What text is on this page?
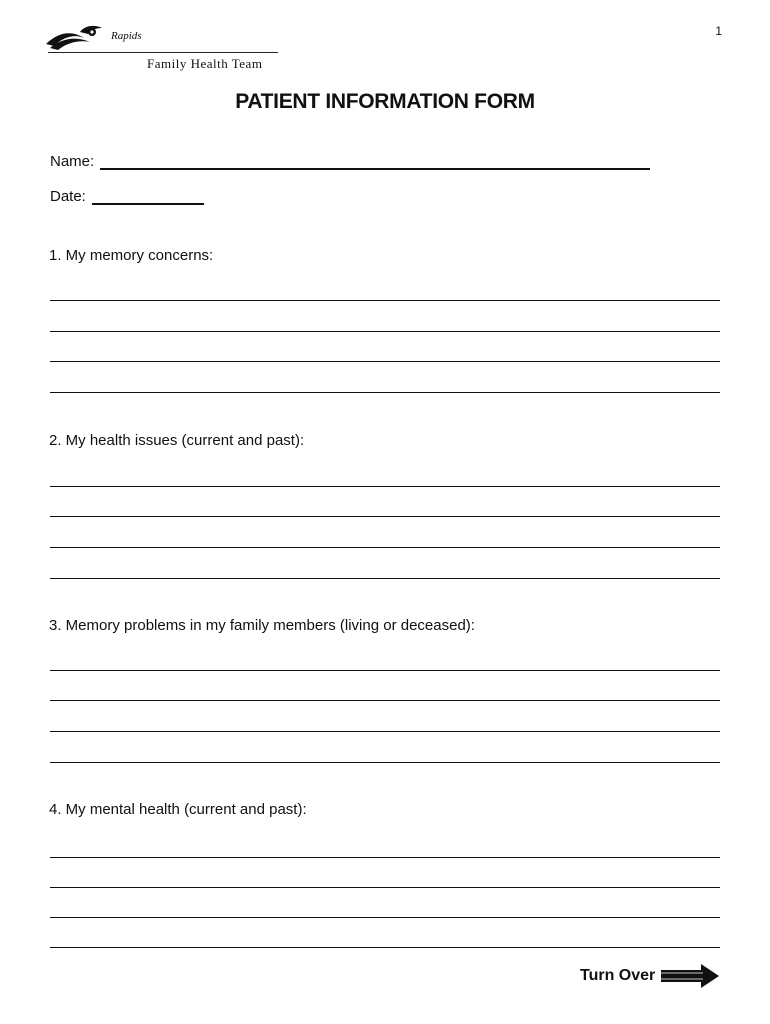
1
Rapids
Family Health Team
PATIENT INFORMATION FORM
Name:
Date:
1. My memory concerns:
2. My health issues (current and past):
3. Memory problems in my family members (living or deceased):
4. My mental health (current and past):
Turn Over
